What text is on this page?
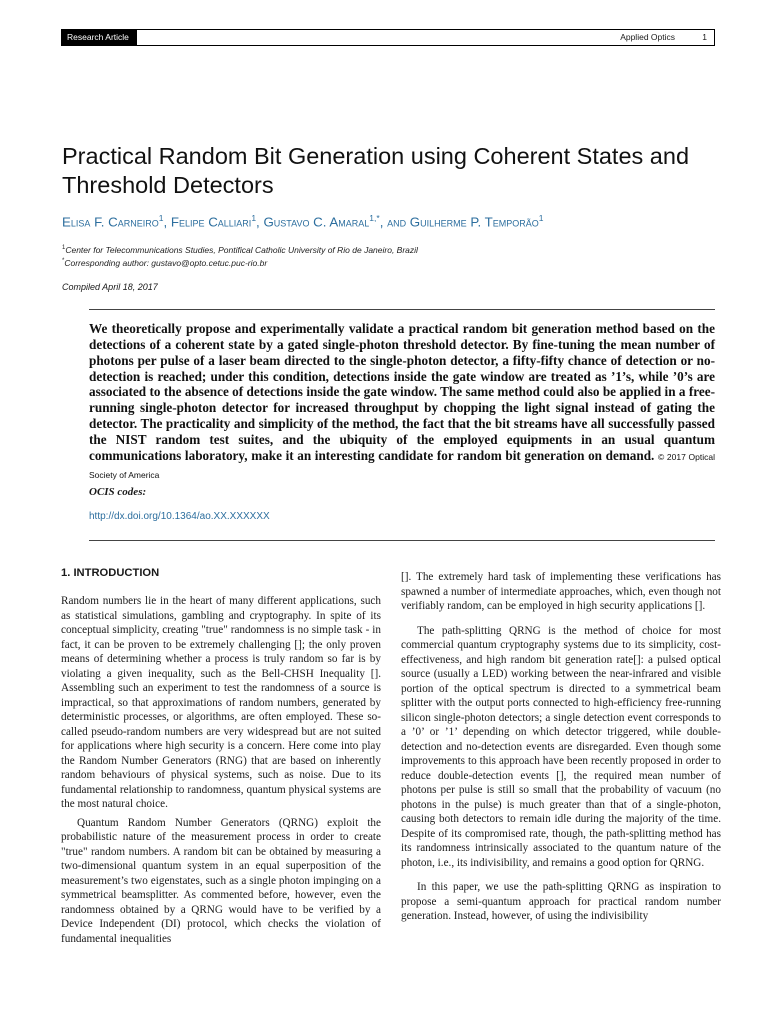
Research Article	Applied Optics	1
Practical Random Bit Generation using Coherent States and Threshold Detectors
Elisa F. Carneiro$^1$, Felipe Calliari$^1$, Gustavo C. Amaral$^{1,*}$, and Guilherme P. Temporão$^1$
$^1$Center for Telecommunications Studies, Pontifical Catholic University of Rio de Janeiro, Brazil
*Corresponding author: gustavo@opto.cetuc.puc-rio.br
Compiled April 18, 2017

We theoretically propose and experimentally validate a practical random bit generation method based on the detections of a coherent state by a gated single-photon threshold detector. By fine-tuning the mean number of photons per pulse of a laser beam directed to the single-photon detector, a fifty-fifty chance of detection or no-detection is reached; under this condition, detections inside the gate window are treated as ’1’s, while ’0’s are associated to the absence of detections inside the gate window. The same method could also be applied in a free-running single-photon detector for increased throughput by chopping the light signal instead of gating the detector. The practicality and simplicity of the method, the fact that the bit streams have all successfully passed the NIST random test suites, and the ubiquity of the employed equipments in an usual quantum communications laboratory, make it an interesting candidate for random bit generation on demand. © 2017 Optical Society of America

OCIS codes:
http://dx.doi.org/10.1364/ao.XX.XXXXXX
1. INTRODUCTION

Random numbers lie in the heart of many different applications, such as statistical simulations, gambling and cryptography. In spite of its conceptual simplicity, creating "true" randomness is no simple task - in fact, it can be proven to be extremely challenging []; the only proven means of determining whether a process is truly random so far is by violating a given inequality, such as the Bell-CHSH Inequality []. Assembling such an experiment to test the randomness of a source is impractical, so that approximations of random numbers, generated by deterministic processes, or algorithms, are often employed. These so-called pseudo-random numbers are very widespread but are not suited for applications where high security is a concern. Here come into play the Random Number Generators (RNG) that are based on inherently random behaviours of physical systems, such as noise. Due to its fundamental relationship to randomness, quantum physical systems are the most natural choice.

Quantum Random Number Generators (QRNG) exploit the probabilistic nature of the measurement process in order to create "true" random numbers. A random bit can be obtained by measuring a two-dimensional quantum system in an equal superposition of the measurement’s two eigenstates, such as a single photon impinging on a symmetrical beamsplitter. As commented before, however, even the randomness obtained by a QRNG would have to be verified by a Device Independent (DI) protocol, which checks the violation of fundamental inequalities

[]. The extremely hard task of implementing these verifications has spawned a number of intermediate approaches, which, even though not verifiably random, can be employed in high security applications [].

The path-splitting QRNG is the method of choice for most commercial quantum cryptography systems due to its simplicity, cost-effectiveness, and high random bit generation rate[]: a pulsed optical source (usually a LED) working between the near-infrared and visible portion of the optical spectrum is directed to a symmetrical beam splitter with the output ports connected to high-efficiency free-running silicon single-photon detectors; a single detection event corresponds to a ’0’ or ’1’ depending on which detector triggered, while double-detection and no-detection events are disregarded. Even though some improvements to this approach have been recently proposed in order to reduce double-detection events [], the required mean number of photons per pulse is still so small that the probability of vacuum (no photons in the pulse) is much greater than that of a single-photon, causing both detectors to remain idle during the majority of the time. Despite of its compromised rate, though, the path-splitting method has its randomness intrinsically associated to the quantum nature of the photon, i.e., its indivisibility, and remains a good option for QRNG.

In this paper, we use the path-splitting QRNG as inspiration to propose a semi-quantum approach for practical random number generation. Instead, however, of using the indivisibility
